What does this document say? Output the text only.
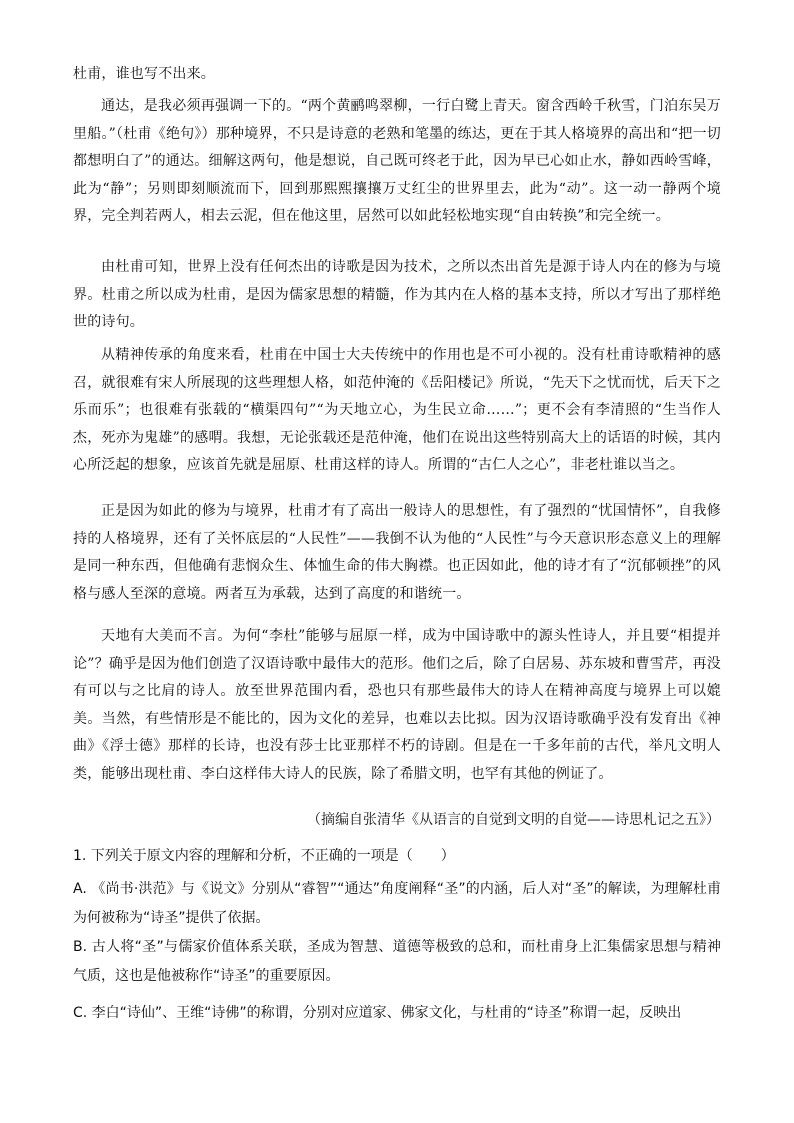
杜甫，谁也写不出来。

通达，是我必须再强调一下的。“两个黄鹂鸣翠柳，一行白鹭上青天。窗含西岭千秋雪，门泊东吴万里船。”（杜甫《绝句》）那种境界，不只是诗意的老熟和笔墨的练达，更在于其人格境界的高出和“把一切都想明白了”的通达。细解这两句，他是想说，自己既可终老于此，因为早已心如止水，静如西岭雪峰，此为“静”；另则即刻顺流而下，回到那熙熙攘攘万丈红尘的世界里去，此为“动”。这一动一静两个境界，完全判若两人，相去云泥，但在他这里，居然可以如此轻松地实现“自由转换”和完全统一。

由杜甫可知，世界上没有任何杰出的诗歌是因为技术，之所以杰出首先是源于诗人内在的修为与境界。杜甫之所以成为杜甫，是因为儒家思想的精髓，作为其内在人格的基本支持，所以才写出了那样绝世的诗句。

从精神传承的角度来看，杜甫在中国士大夫传统中的作用也是不可小视的。没有杜甫诗歌精神的感召，就很难有宋人所展现的这些理想人格，如范仲淹的《岳阳楼记》所说，“先天下之忧而忧，后天下之乐而乐”；也很难有张载的“横渠四句”“为天地立心，为生民立命……”；更不会有李清照的“生当作人杰，死亦为鬼雄”的感喟。我想，无论张载还是范仲淹，他们在说出这些特别高大上的话语的时候，其内心所泛起的想象，应该首先就是屈原、杜甫这样的诗人。所谓的“古仁人之心”，非老杜谁以当之。

正是因为如此的修为与境界，杜甫才有了高出一般诗人的思想性，有了强烈的“忧国情怀”，自我修持的人格境界，还有了关怀底层的“人民性”——我倒不认为他的“人民性”与今天意识形态意义上的理解是同一种东西，但他确有悲悯众生、体恤生命的伟大胸襟。也正因如此，他的诗才有了“沉郁顿挫”的风格与感人至深的意境。两者互为承载，达到了高度的和谐统一。

天地有大美而不言。为何“李杜”能够与屈原一样，成为中国诗歌中的源头性诗人，并且要“相提并论”？确乎是因为他们创造了汉语诗歌中最伟大的范形。他们之后，除了白居易、苏东坡和曹雪芹，再没有可以与之比肩的诗人。放至世界范围内看，恐也只有那些最伟大的诗人在精神高度与境界上可以媲美。当然，有些情形是不能比的，因为文化的差异，也难以去比拟。因为汉语诗歌确乎没有发育出《神曲》《浮士德》那样的长诗，也没有莎士比亚那样不朽的诗剧。但是在一千多年前的古代，举凡文明人类，能够出现杜甫、李白这样伟大诗人的民族，除了希腊文明，也罕有其他的例证了。

（摘编自张清华《从语言的自觉到文明的自觉——诗思札记之五》）

1. 下列关于原文内容的理解和分析，不正确的一项是（　　）

A. 《尚书·洪范》与《说文》分别从“睿智”“通达”角度阐释“圣”的内涵，后人对“圣”的解读，为理解杜甫为何被称为“诗圣”提供了依据。

B. 古人将“圣”与儒家价值体系关联，圣成为智慧、道德等极致的总和，而杜甫身上汇集儒家思想与精神气质，这也是他被称作“诗圣”的重要原因。

C. 李白“诗仙”、王维“诗佛”的称谓，分别对应道家、佛家文化，与杜甫的“诗圣”称谓一起，反映出
